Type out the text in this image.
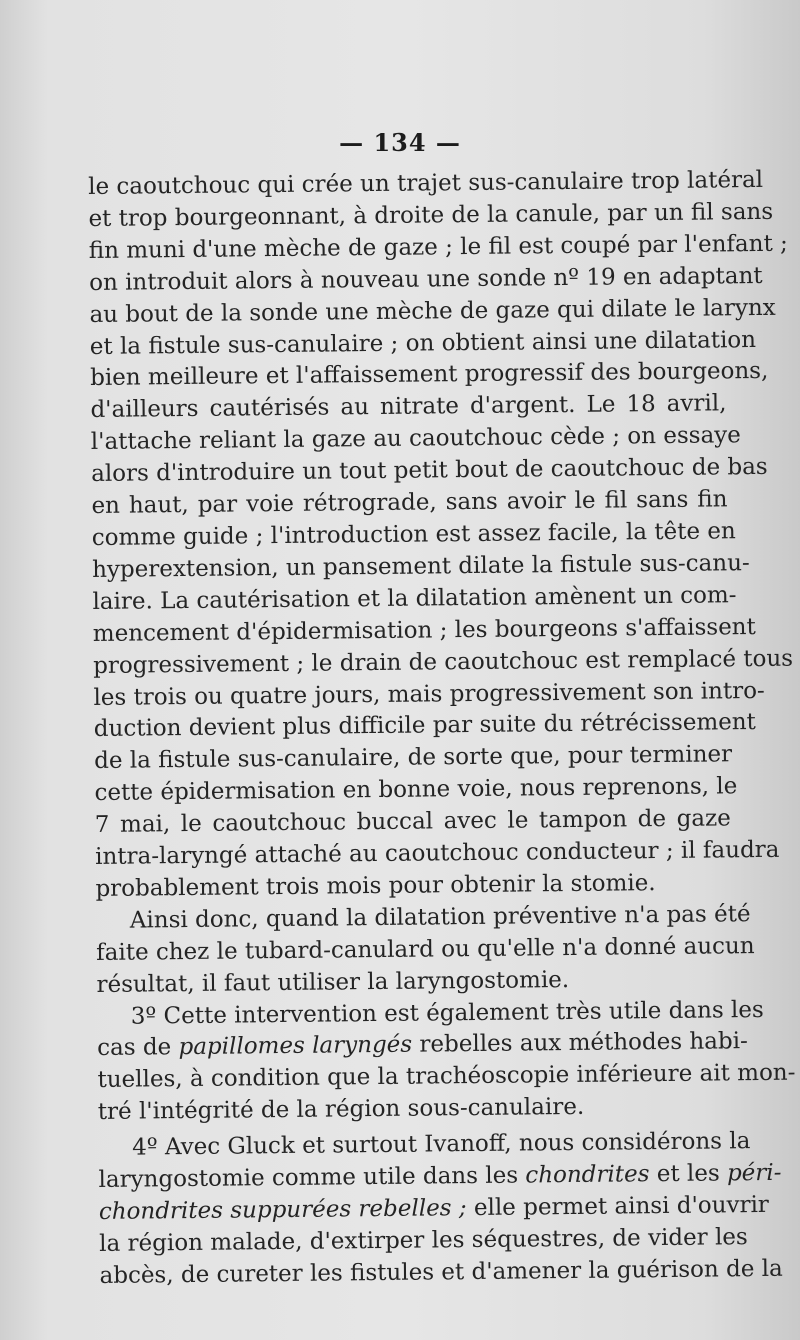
— 134 —
le caoutchouc qui crée un trajet sus-canulaire trop latéral
et trop bourgeonnant, à droite de la canule, par un fil sans
fin muni d'une mèche de gaze ; le fil est coupé par l'enfant ;
on introduit alors à nouveau une sonde nº 19 en adaptant
au bout de la sonde une mèche de gaze qui dilate le larynx
et la fistule sus-canulaire ; on obtient ainsi une dilatation
bien meilleure et l'affaissement progressif des bourgeons,
d'ailleurs cautérisés au nitrate d'argent. Le 18 avril,
l'attache reliant la gaze au caoutchouc cède ; on essaye
alors d'introduire un tout petit bout de caoutchouc de bas
en haut, par voie rétrograde, sans avoir le fil sans fin
comme guide ; l'introduction est assez facile, la tête en
hyperextension, un pansement dilate la fistule sus-canu-
laire. La cautérisation et la dilatation amènent un com-
mencement d'épidermisation ; les bourgeons s'affaissent
progressivement ; le drain de caoutchouc est remplacé tous
les trois ou quatre jours, mais progressivement son intro-
duction devient plus difficile par suite du rétrécissement
de la fistule sus-canulaire, de sorte que, pour terminer
cette épidermisation en bonne voie, nous reprenons, le
7 mai, le caoutchouc buccal avec le tampon de gaze
intra-laryngé attaché au caoutchouc conducteur ; il faudra
probablement trois mois pour obtenir la stomie.
Ainsi donc, quand la dilatation préventive n'a pas été
faite chez le tubard-canulard ou qu'elle n'a donné aucun
résultat, il faut utiliser la laryngostomie.
3º Cette intervention est également très utile dans les
cas de papillomes laryngés rebelles aux méthodes habi-
tuelles, à condition que la trachéoscopie inférieure ait mon-
tré l'intégrité de la région sous-canulaire.
4º Avec Gluck et surtout Ivanoff, nous considérons la
laryngostomie comme utile dans les chondrites et les péri-
chondrites suppurées rebelles ; elle permet ainsi d'ouvrir
la région malade, d'extirper les séquestres, de vider les
abcès, de cureter les fistules et d'amener la guérison de la
